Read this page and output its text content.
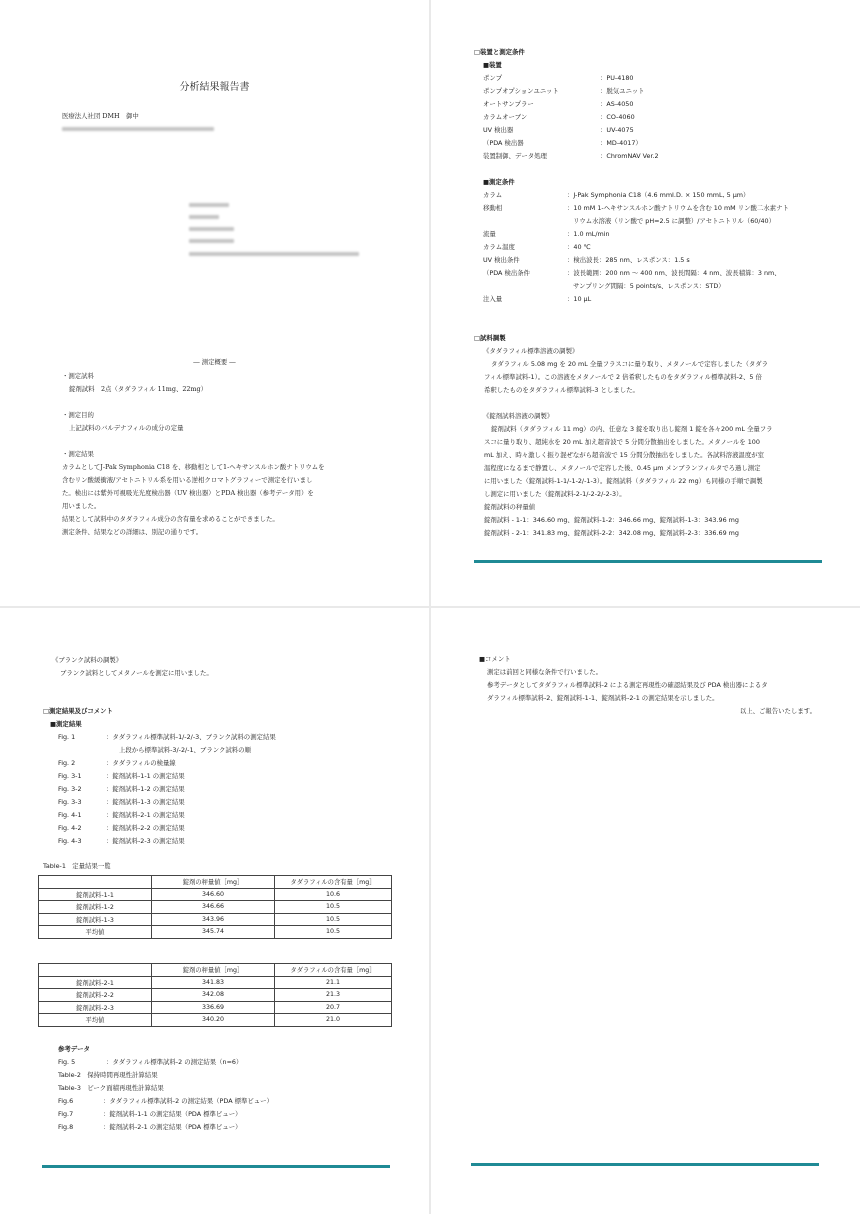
分析結果報告書
医療法人社団 DMH　御中
― 測定概要 ―
・測定試料
錠剤試料　2点（タダラフィル 11mg、22mg）
・測定目的
上記試料のバルデナフィルの成分の定量
・測定結果
カラムとしてJ-Pak Symphonia C18 を、移動相として1-ヘキサンスルホン酸ナトリウムを
含むリン酸緩衝液/アセトニトリル系を用いる逆相クロマトグラフィーで測定を行いまし
た。検出には紫外可視吸光光度検出器（UV 検出器）とPDA 検出器（参考データ用）を
用いました。
結果として試料中のタダラフィル成分の含有量を求めることができました。
測定条件、結果などの詳細は、別記の通りです。
□装置と測定条件
■装置
ポンプ	：PU-4180
ポンプオプションユニット	：脱気ユニット
オートサンプラー	：AS-4050
カラムオーブン	：CO-4060
UV 検出器	：UV-4075
（PDA 検出器	：MD-4017）
装置制御、データ処理	：ChromNAV Ver.2
■測定条件
カラム	：J-Pak Symphonia C18（4.6 mmI.D. × 150 mmL, 5 μm）
移動相	：10 mM 1-ヘキサンスルホン酸ナトリウムを含む 10 mM リン酸二水素ナト
リウム水溶液（リン酸で pH=2.5 に調整）/アセトニトリル（60/40）
流量	：1.0 mL/min
カラム温度	：40 ℃
UV 検出条件	：検出波長：285 nm、レスポンス：1.5 s
（PDA 検出条件	：波長範囲：200 nm ～ 400 nm、波長間隔：4 nm、波長積算：3 nm、
サンプリング間隔：5 points/s、レスポンス：STD）
注入量	：10 μL
□試料調製
《タダラフィル標準溶液の調製》
タダラフィル 5.08 mg を 20 mL 全量フラスコに量り取り、メタノールで定容しました（タダラ
フィル標準試料-1）。この溶液をメタノールで 2 倍希釈したものをタダラフィル標準試料-2、5 倍
希釈したものをタダラフィル標準試料-3 としました。
《錠剤試料溶液の調製》
錠剤試料（タダラフィル 11 mg）の内、任意な 3 錠を取り出し錠剤 1 錠を各々200 mL 全量フラ
スコに量り取り、超純水を 20 mL 加え超音波で 5 分間分散抽出をしました。メタノールを 100
mL 加え、時々激しく振り混ぜながら超音波で 15 分間分散抽出をしました。各試料溶液温度が室
温程度になるまで静置し、メタノールで定容した後、0.45 μm メンブランフィルタでろ過し測定
に用いました（錠剤試料-1-1/-1-2/-1-3）。錠剤試料（タダラフィル 22 mg）も同様の手順で調製
し測定に用いました（錠剤試料-2-1/-2-2/-2-3）。
錠剤試料の秤量値
錠剤試料 - 1-1：346.60 mg、錠剤試料-1-2：346.66 mg、錠剤試料-1-3：343.96 mg
錠剤試料 - 2-1：341.83 mg、錠剤試料-2-2：342.08 mg、錠剤試料-2-3：336.69 mg
《ブランク試料の調製》
ブランク試料としてメタノールを測定に用いました。
□測定結果及びコメント
■測定結果
Fig. 1	：タダラフィル標準試料-1/-2/-3、ブランク試料の測定結果
上段から標準試料-3/-2/-1、ブランク試料の順
Fig. 2	：タダラフィルの検量線
Fig. 3-1	：錠剤試料-1-1 の測定結果
Fig. 3-2	：錠剤試料-1-2 の測定結果
Fig. 3-3	：錠剤試料-1-3 の測定結果
Fig. 4-1	：錠剤試料-2-1 の測定結果
Fig. 4-2	：錠剤試料-2-2 の測定結果
Fig. 4-3	：錠剤試料-2-3 の測定結果
Table-1　定量結果一覧
	錠剤の秤量値［mg］	タダラフィルの含有量［mg］
錠剤試料-1-1	346.60	10.6
錠剤試料-1-2	346.66	10.5
錠剤試料-1-3	343.96	10.5
平均値	345.74	10.5
	錠剤の秤量値［mg］	タダラフィルの含有量［mg］
錠剤試料-2-1	341.83	21.1
錠剤試料-2-2	342.08	21.3
錠剤試料-2-3	336.69	20.7
平均値	340.20	21.0
参考データ
Fig. 5	：タダラフィル標準試料-2 の測定結果（n=6）
Table-2　保持時間再現性計算結果
Table-3　ピーク面積再現性計算結果
Fig.6	：タダラフィル標準試料-2 の測定結果（PDA 標準ビュー）
Fig.7	：錠剤試料-1-1 の測定結果（PDA 標準ビュー）
Fig.8	：錠剤試料-2-1 の測定結果（PDA 標準ビュー）
■コメント
測定は前回と同様な条件で行いました。
参考データとしてタダラフィル標準試料-2 による測定再現性の確認結果及び PDA 検出器によるタ
ダラフィル標準試料-2、錠剤試料-1-1、錠剤試料-2-1 の測定結果を示しました。
以上、ご報告いたします。
